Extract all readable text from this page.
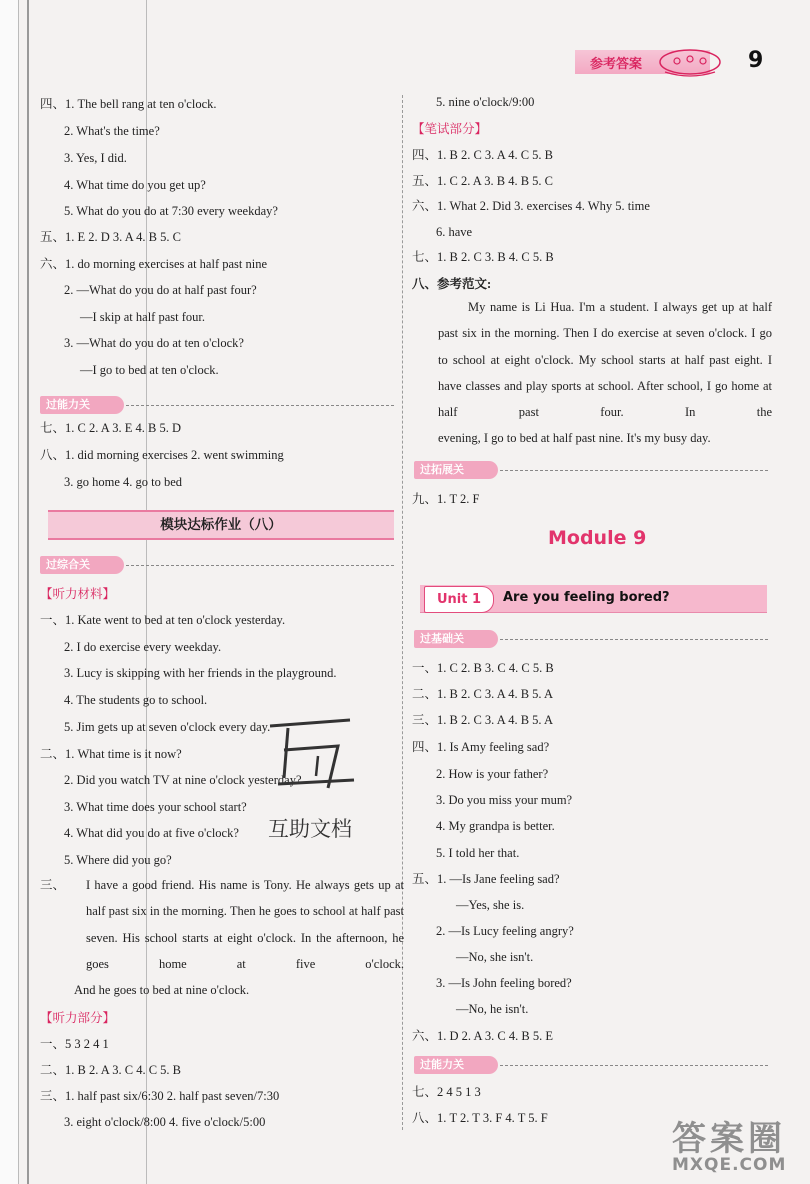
参考答案	9
四、1. The bell rang at ten o'clock.
2. What's the time?
3. Yes, I did.
4. What time do you get up?
5. What do you do at 7:30 every weekday?
五、1. E 2. D 3. A 4. B 5. C
六、1. do morning exercises at half past nine
2. —What do you do at half past four?
—I skip at half past four.
3. —What do you do at ten o'clock?
—I go to bed at ten o'clock.
过能力关
七、1. C 2. A 3. E 4. B 5. D
八、1. did morning exercises 2. went swimming
3. go home 4. go to bed
模块达标作业（八）
过综合关
【听力材料】
一、1. Kate went to bed at ten o'clock yesterday.
2. I do exercise every weekday.
3. Lucy is skipping with her friends in the playground.
4. The students go to school.
5. Jim gets up at seven o'clock every day.
二、1. What time is it now?
2. Did you watch TV at nine o'clock yesterday?
3. What time does your school start?
4. What did you do at five o'clock?
5. Where did you go?
三、 I have a good friend. His name is Tony. He always gets up at half past six in the morning. Then he goes to school at half past seven. His school starts at eight o'clock. In the afternoon, he goes home at five o'clock.
And he goes to bed at nine o'clock.
【听力部分】
一、5 3 2 4 1
二、1. B 2. A 3. C 4. C 5. B
三、1. half past six/6:30 2. half past seven/7:30
3. eight o'clock/8:00 4. five o'clock/5:00
5. nine o'clock/9:00
【笔试部分】
四、1. B 2. C 3. A 4. C 5. B
五、1. C 2. A 3. B 4. B 5. C
六、1. What 2. Did 3. exercises 4. Why 5. time
6. have
七、1. B 2. C 3. B 4. C 5. B
八、参考范文:
My name is Li Hua. I'm a student. I always get up at half past six in the morning. Then I do exercise at seven o'clock. I go to school at eight o'clock. My school starts at half past eight. I have classes and play sports at school. After school, I go home at half past four. In the
evening, I go to bed at half past nine. It's my busy day.
过拓展关
九、1. T 2. F
Module 9
Unit 1	Are you feeling bored?
过基础关
一、1. C 2. B 3. C 4. C 5. B
二、1. B 2. C 3. A 4. B 5. A
三、1. B 2. C 3. A 4. B 5. A
四、1. Is Amy feeling sad?
2. How is your father?
3. Do you miss your mum?
4. My grandpa is better.
5. I told her that.
五、1. —Is Jane feeling sad?
—Yes, she is.
2. —Is Lucy feeling angry?
—No, she isn't.
3. —Is John feeling bored?
—No, he isn't.
六、1. D 2. A 3. C 4. B 5. E
过能力关
七、2 4 5 1 3
八、1. T 2. T 3. F 4. T 5. F
互助文档
答案圈
MXQE.COM
